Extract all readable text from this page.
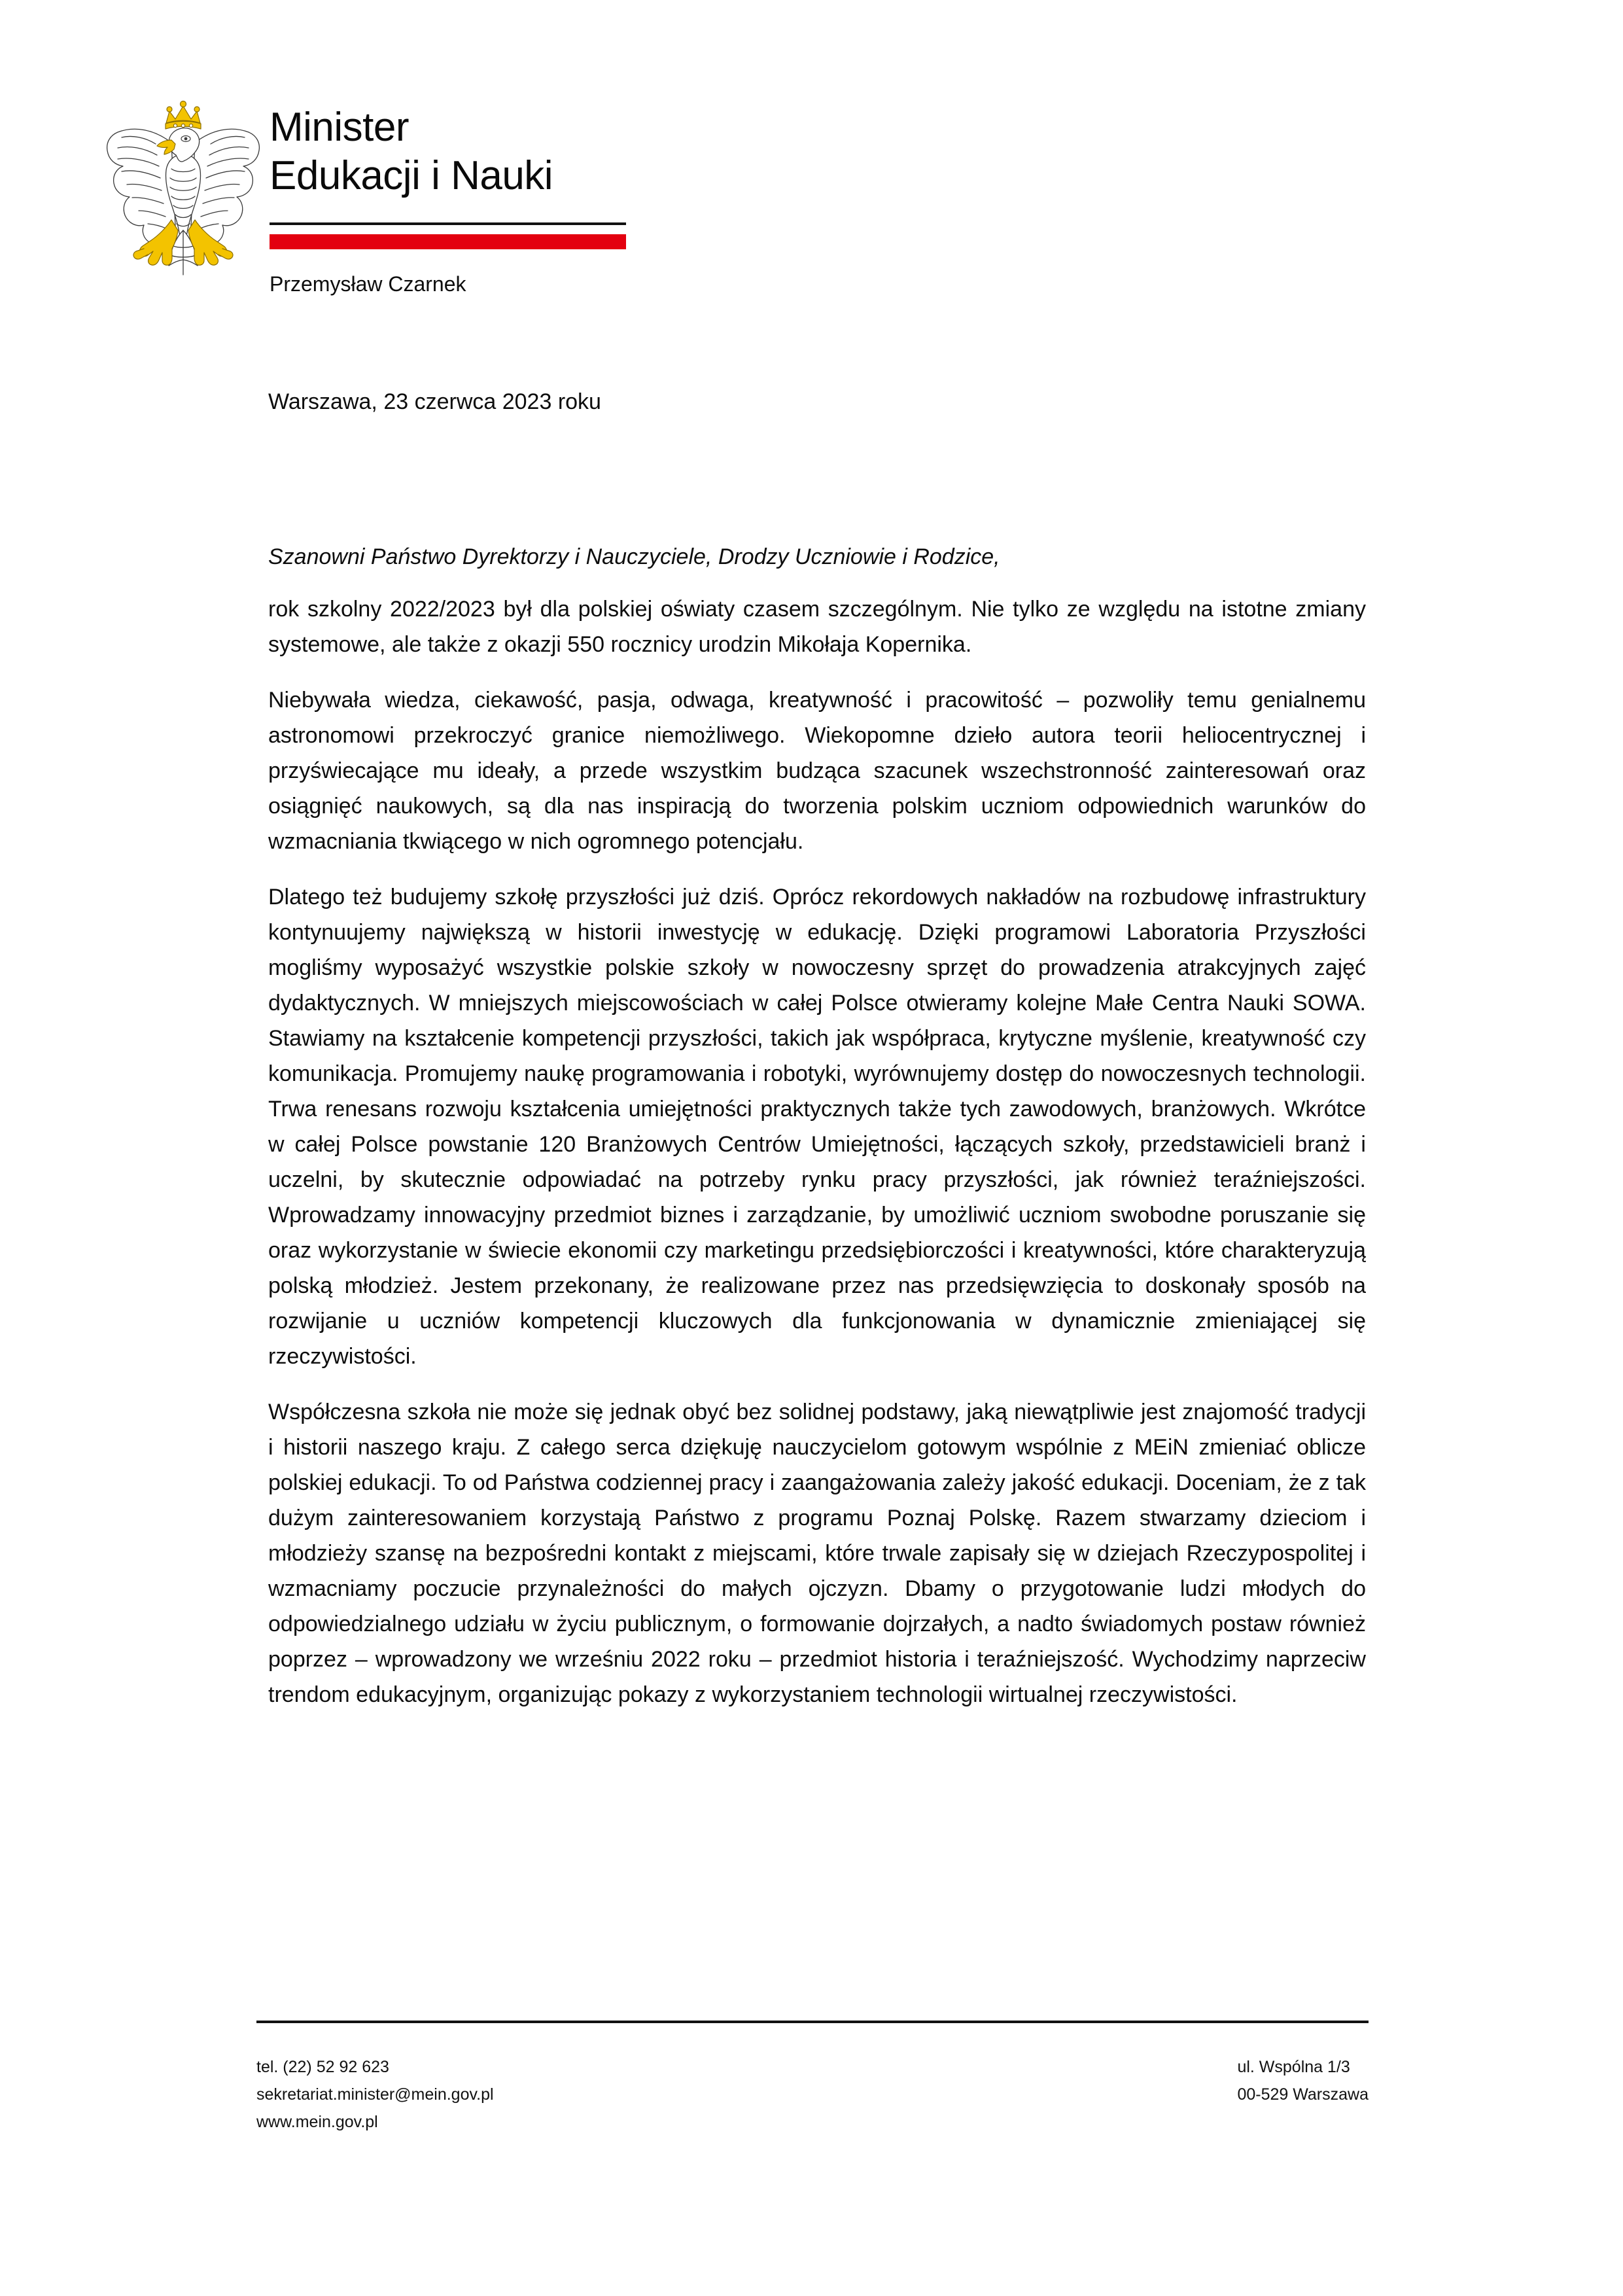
Minister
Edukacji i Nauki
Przemysław Czarnek
Warszawa, 23 czerwca 2023 roku

Szanowni Państwo Dyrektorzy i Nauczyciele, Drodzy Uczniowie i Rodzice,

rok szkolny 2022/2023 był dla polskiej oświaty czasem szczególnym. Nie tylko ze względu na istotne zmiany systemowe, ale także z okazji 550 rocznicy urodzin Mikołaja Kopernika.

Niebywała wiedza, ciekawość, pasja, odwaga, kreatywność i pracowitość – pozwoliły temu genialnemu astronomowi przekroczyć granice niemożliwego. Wiekopomne dzieło autora teorii heliocentrycznej i przyświecające mu ideały, a przede wszystkim budząca szacunek wszechstronność zainteresowań oraz osiągnięć naukowych, są dla nas inspiracją do tworzenia polskim uczniom odpowiednich warunków do wzmacniania tkwiącego w nich ogromnego potencjału.

Dlatego też budujemy szkołę przyszłości już dziś. Oprócz rekordowych nakładów na rozbudowę infrastruktury kontynuujemy największą w historii inwestycję w edukację. Dzięki programowi Laboratoria Przyszłości mogliśmy wyposażyć wszystkie polskie szkoły w nowoczesny sprzęt do prowadzenia atrakcyjnych zajęć dydaktycznych. W mniejszych miejscowościach w całej Polsce otwieramy kolejne Małe Centra Nauki SOWA. Stawiamy na kształcenie kompetencji przyszłości, takich jak współpraca, krytyczne myślenie, kreatywność czy komunikacja. Promujemy naukę programowania i robotyki, wyrównujemy dostęp do nowoczesnych technologii. Trwa renesans rozwoju kształcenia umiejętności praktycznych także tych zawodowych, branżowych. Wkrótce w całej Polsce powstanie 120 Branżowych Centrów Umiejętności, łączących szkoły, przedstawicieli branż i uczelni, by skutecznie odpowiadać na potrzeby rynku pracy przyszłości, jak również teraźniejszości. Wprowadzamy innowacyjny przedmiot biznes i zarządzanie, by umożliwić uczniom swobodne poruszanie się oraz wykorzystanie w świecie ekonomii czy marketingu przedsiębiorczości i kreatywności, które charakteryzują polską młodzież. Jestem przekonany, że realizowane przez nas przedsięwzięcia to doskonały sposób na rozwijanie u uczniów kompetencji kluczowych dla funkcjonowania w dynamicznie zmieniającej się rzeczywistości.

Współczesna szkoła nie może się jednak obyć bez solidnej podstawy, jaką niewątpliwie jest znajomość tradycji i historii naszego kraju. Z całego serca dziękuję nauczycielom gotowym wspólnie z MEiN zmieniać oblicze polskiej edukacji. To od Państwa codziennej pracy i zaangażowania zależy jakość edukacji. Doceniam, że z tak dużym zainteresowaniem korzystają Państwo z programu Poznaj Polskę. Razem stwarzamy dzieciom i młodzieży szansę na bezpośredni kontakt z miejscami, które trwale zapisały się w dziejach Rzeczypospolitej i wzmacniamy poczucie przynależności do małych ojczyzn. Dbamy o przygotowanie ludzi młodych do odpowiedzialnego udziału w życiu publicznym, o formowanie dojrzałych, a nadto świadomych postaw również poprzez – wprowadzony we wrześniu 2022 roku – przedmiot historia i teraźniejszość. Wychodzimy naprzeciw trendom edukacyjnym, organizując pokazy z wykorzystaniem technologii wirtualnej rzeczywistości.

tel. (22) 52 92 623
sekretariat.minister@mein.gov.pl
www.mein.gov.pl
ul. Wspólna 1/3
00-529 Warszawa
